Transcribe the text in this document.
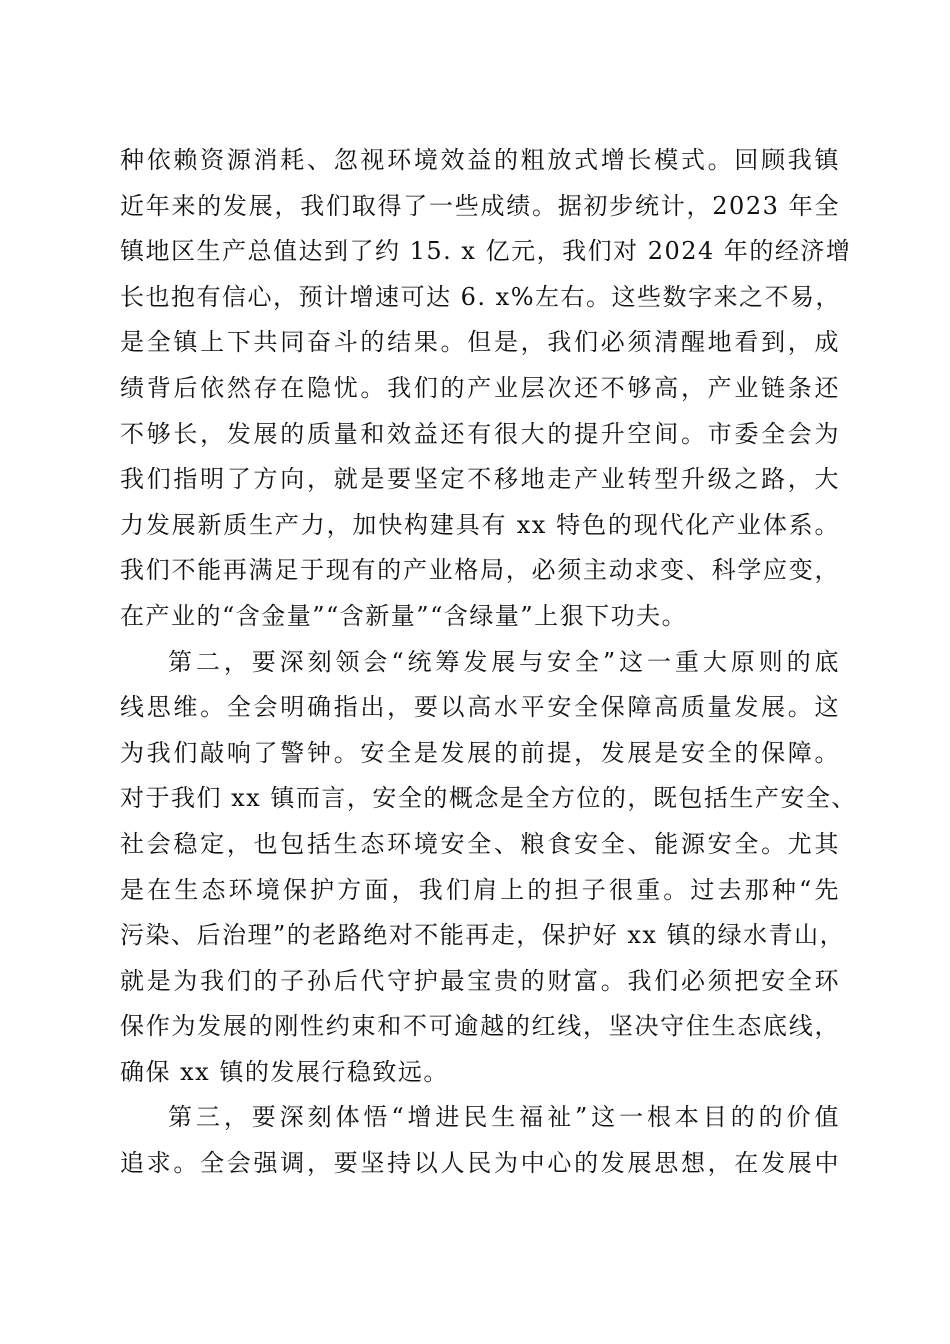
种依赖资源消耗、忽视环境效益的粗放式增长模式。回顾我镇
近年来的发展，我们取得了一些成绩。据初步统计，2023 年全
镇地区生产总值达到了约 15. x 亿元，我们对 2024 年的经济增
长也抱有信心，预计增速可达 6. x%左右。这些数字来之不易，
是全镇上下共同奋斗的结果。但是，我们必须清醒地看到，成
绩背后依然存在隐忧。我们的产业层次还不够高，产业链条还
不够长，发展的质量和效益还有很大的提升空间。市委全会为
我们指明了方向，就是要坚定不移地走产业转型升级之路，大
力发展新质生产力，加快构建具有 xx 特色的现代化产业体系。
我们不能再满足于现有的产业格局，必须主动求变、科学应变，
在产业的“含金量”“含新量”“含绿量”上狠下功夫。
第二，要深刻领会“统筹发展与安全”这一重大原则的底
线思维。全会明确指出，要以高水平安全保障高质量发展。这
为我们敲响了警钟。安全是发展的前提，发展是安全的保障。
对于我们 xx 镇而言，安全的概念是全方位的，既包括生产安全、
社会稳定，也包括生态环境安全、粮食安全、能源安全。尤其
是在生态环境保护方面，我们肩上的担子很重。过去那种“先
污染、后治理”的老路绝对不能再走，保护好 xx 镇的绿水青山，
就是为我们的子孙后代守护最宝贵的财富。我们必须把安全环
保作为发展的刚性约束和不可逾越的红线，坚决守住生态底线，
确保 xx 镇的发展行稳致远。
第三，要深刻体悟“增进民生福祉”这一根本目的的价值
追求。全会强调，要坚持以人民为中心的发展思想，在发展中
